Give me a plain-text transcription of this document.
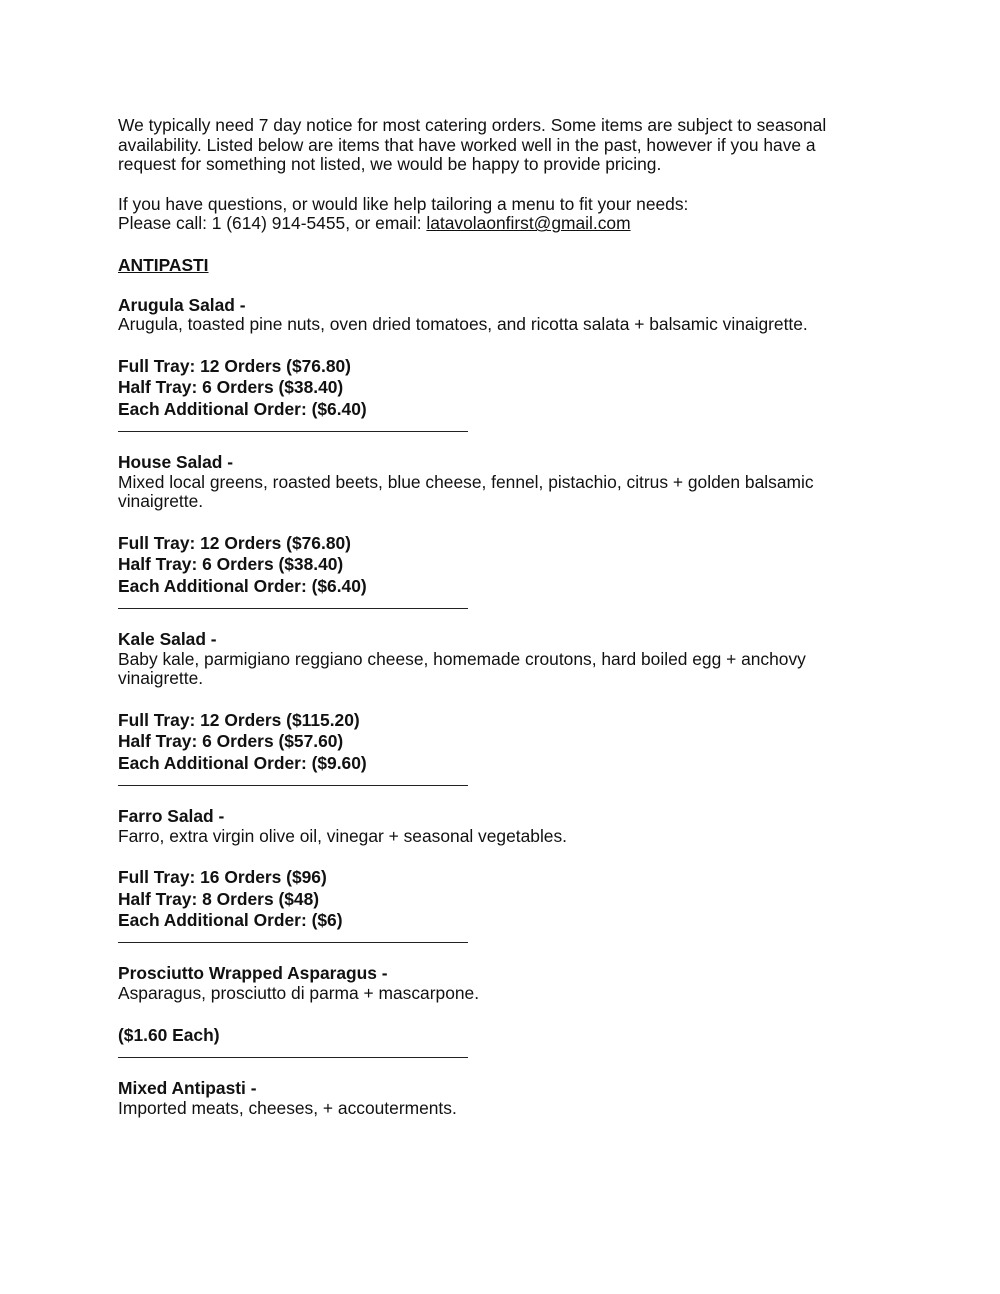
We typically need 7 day notice for most catering orders. Some items are subject to seasonal availability. Listed below are items that have worked well in the past, however if you have a request for something not listed, we would be happy to provide pricing.

If you have questions, or would like help tailoring a menu to fit your needs:

Please call: 1 (614) 914-5455, or email: latavolaonfirst@gmail.com

ANTIPASTI
Arugula Salad -
Arugula, toasted pine nuts, oven dried tomatoes, and ricotta salata + balsamic vinaigrette.
Full Tray: 12 Orders ($76.80)
Half Tray: 6 Orders ($38.40)
Each Additional Order: ($6.40)
House Salad -
Mixed local greens, roasted beets, blue cheese, fennel, pistachio, citrus + golden balsamic vinaigrette.
Full Tray: 12 Orders ($76.80)
Half Tray: 6 Orders ($38.40)
Each Additional Order: ($6.40)
Kale Salad -
Baby kale, parmigiano reggiano cheese, homemade croutons, hard boiled egg + anchovy vinaigrette.
Full Tray: 12 Orders ($115.20)
Half Tray: 6 Orders ($57.60)
Each Additional Order: ($9.60)
Farro Salad -
Farro, extra virgin olive oil, vinegar + seasonal vegetables.
Full Tray: 16 Orders ($96)
Half Tray: 8 Orders ($48)
Each Additional Order: ($6)
Prosciutto Wrapped Asparagus -
Asparagus, prosciutto di parma + mascarpone.
($1.60 Each)
Mixed Antipasti -
Imported meats, cheeses, + accouterments.
